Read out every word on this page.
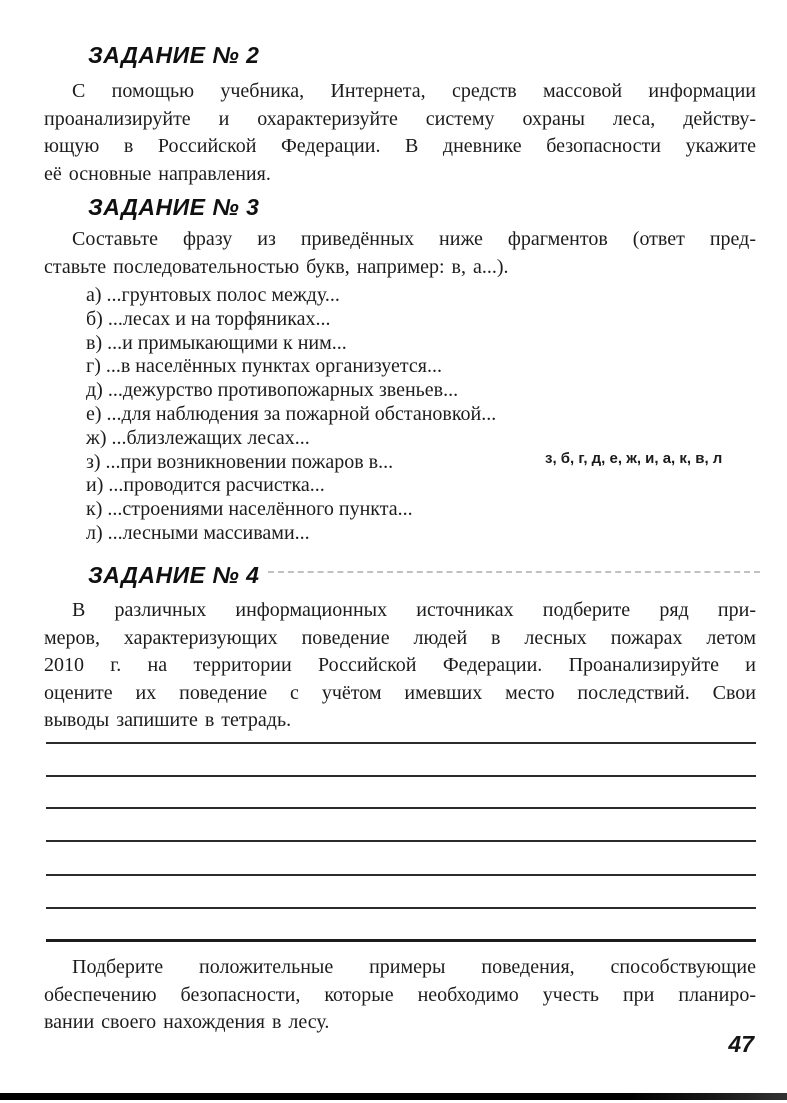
ЗАДАНИЕ № 2
С помощью учебника, Интернета, средств массовой информации
проанализируйте и охарактеризуйте систему охраны леса, действу-
ющую в Российской Федерации. В дневнике безопасности укажите
её основные направления.
ЗАДАНИЕ № 3
Составьте фразу из приведённых ниже фрагментов (ответ пред-
ставьте последовательностью букв, например: в, а...).
а) ...грунтовых полос между...
б) ...лесах и на торфяниках...
в) ...и примыкающими к ним...
г) ...в населённых пунктах организуется...
д) ...дежурство противопожарных звеньев...
е) ...для наблюдения за пожарной обстановкой...
ж) ...близлежащих лесах...
з) ...при возникновении пожаров в...
и) ...проводится расчистка...
к) ...строениями населённого пункта...
л) ...лесными массивами...
з, б, г, д, е, ж, и, а, к, в, л
ЗАДАНИЕ № 4
В различных информационных источниках подберите ряд при-
меров, характеризующих поведение людей в лесных пожарах летом
2010 г. на территории Российской Федерации. Проанализируйте и
оцените их поведение с учётом имевших место последствий. Свои
выводы запишите в тетрадь.
Подберите положительные примеры поведения, способствующие
обеспечению безопасности, которые необходимо учесть при планиро-
вании своего нахождения в лесу.
47
